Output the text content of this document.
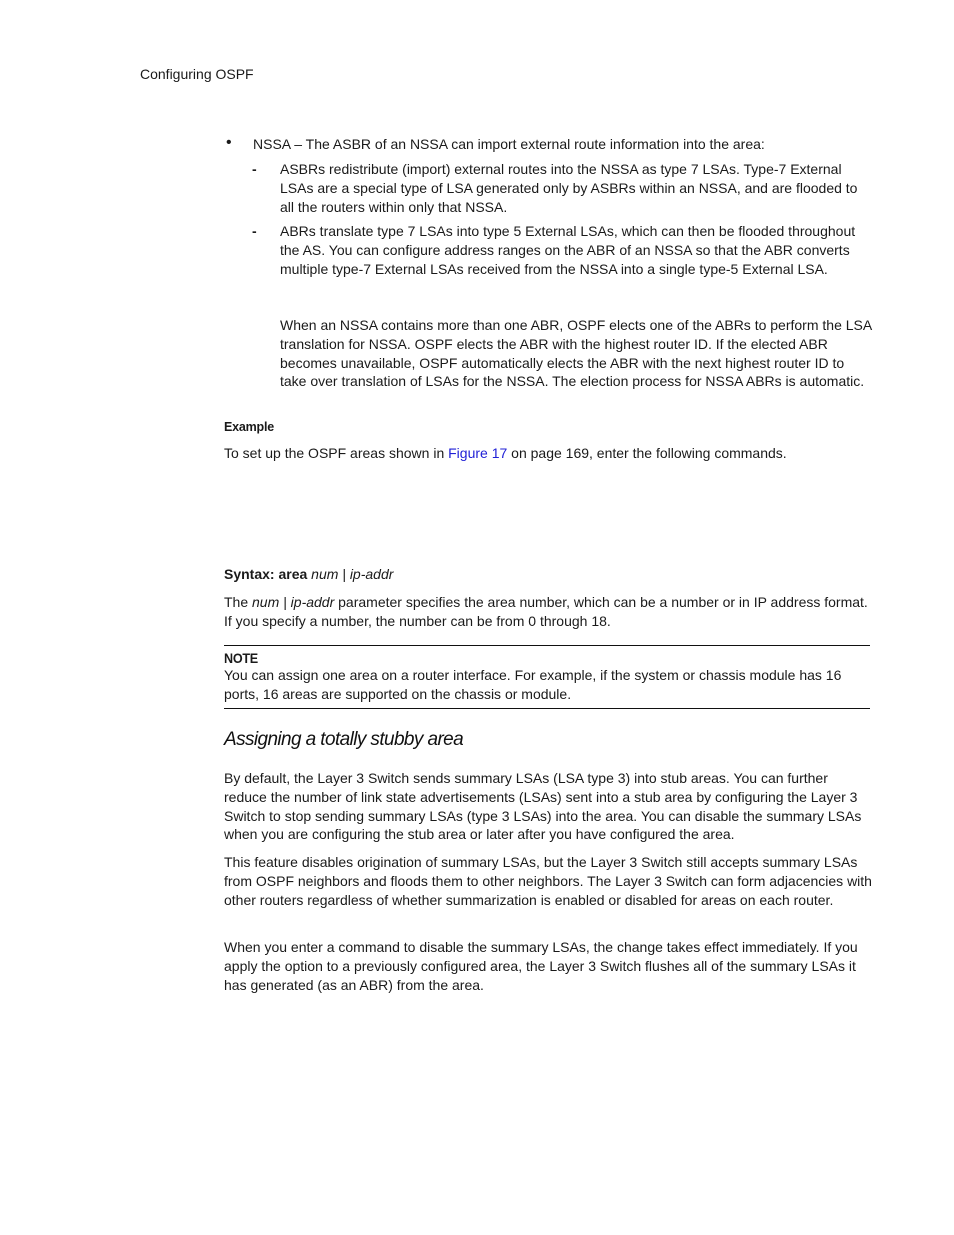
Configuring OSPF
• NSSA – The ASBR of an NSSA can import external route information into the area:

- ASBRs redistribute (import) external routes into the NSSA as type 7 LSAs. Type-7 External LSAs are a special type of LSA generated only by ASBRs within an NSSA, and are flooded to all the routers within only that NSSA.

- ABRs translate type 7 LSAs into type 5 External LSAs, which can then be flooded throughout the AS. You can configure address ranges on the ABR of an NSSA so that the ABR converts multiple type-7 External LSAs received from the NSSA into a single type-5 External LSA.

When an NSSA contains more than one ABR, OSPF elects one of the ABRs to perform the LSA translation for NSSA. OSPF elects the ABR with the highest router ID. If the elected ABR becomes unavailable, OSPF automatically elects the ABR with the next highest router ID to take over translation of LSAs for the NSSA. The election process for NSSA ABRs is automatic.

Example

To set up the OSPF areas shown in Figure 17 on page 169, enter the following commands.

Syntax: area num | ip-addr

The num | ip-addr parameter specifies the area number, which can be a number or in IP address format. If you specify a number, the number can be from 0 through 18.

NOTE

You can assign one area on a router interface. For example, if the system or chassis module has 16 ports, 16 areas are supported on the chassis or module.

Assigning a totally stubby area

By default, the Layer 3 Switch sends summary LSAs (LSA type 3) into stub areas. You can further reduce the number of link state advertisements (LSAs) sent into a stub area by configuring the Layer 3 Switch to stop sending summary LSAs (type 3 LSAs) into the area. You can disable the summary LSAs when you are configuring the stub area or later after you have configured the area.

This feature disables origination of summary LSAs, but the Layer 3 Switch still accepts summary LSAs from OSPF neighbors and floods them to other neighbors. The Layer 3 Switch can form adjacencies with other routers regardless of whether summarization is enabled or disabled for areas on each router.

When you enter a command to disable the summary LSAs, the change takes effect immediately. If you apply the option to a previously configured area, the Layer 3 Switch flushes all of the summary LSAs it has generated (as an ABR) from the area.
